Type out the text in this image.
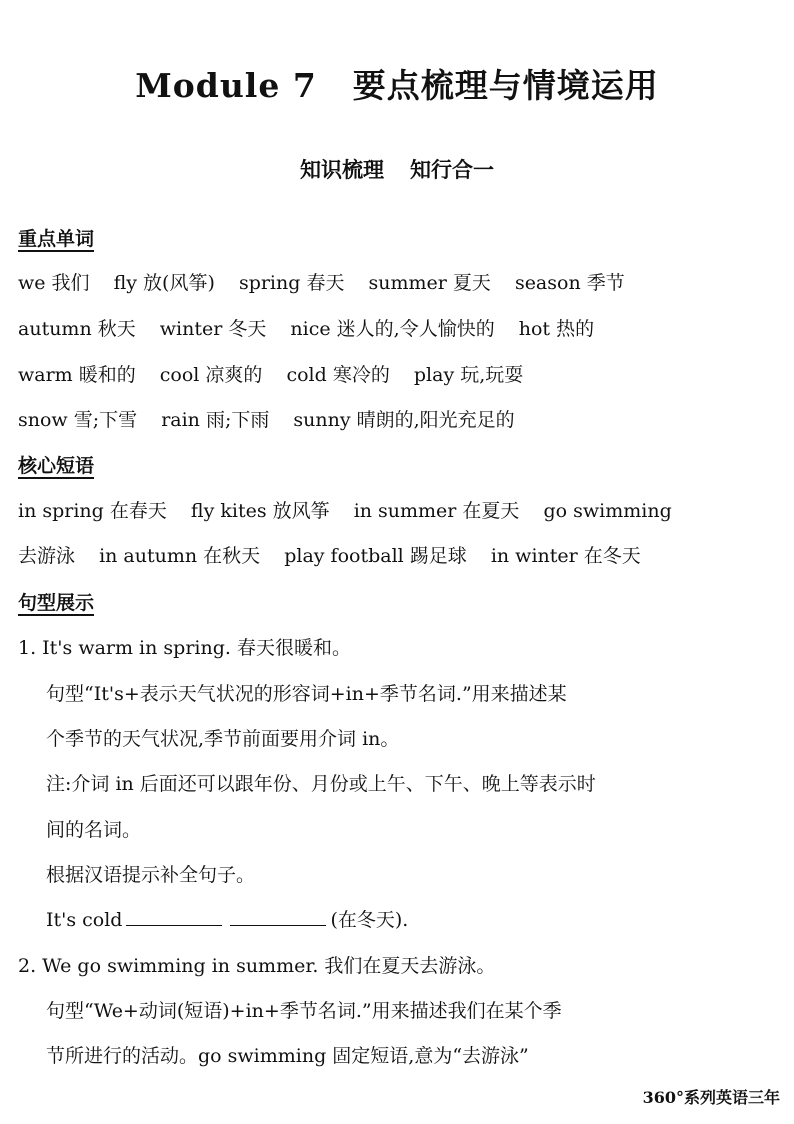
Module 7 要点梳理与情境运用
知识梳理 知行合一
重点单词
we 我们 fly 放(风筝) spring 春天 summer 夏天 season 季节
autumn 秋天 winter 冬天 nice 迷人的,令人愉快的 hot 热的
warm 暖和的 cool 凉爽的 cold 寒冷的 play 玩,玩耍
snow 雪;下雪 rain 雨;下雨 sunny 晴朗的,阳光充足的
核心短语
in spring 在春天 fly kites 放风筝 in summer 在夏天 go swimming
去游泳 in autumn 在秋天 play football 踢足球 in winter 在冬天
句型展示
1. It's warm in spring. 春天很暖和。
句型“It's+表示天气状况的形容词+in+季节名词.”用来描述某
个季节的天气状况,季节前面要用介词 in。
注:介词 in 后面还可以跟年份、月份或上午、下午、晚上等表示时
间的名词。
根据汉语提示补全句子。
It's cold	(在冬天).
2. We go swimming in summer. 我们在夏天去游泳。
句型“We+动词(短语)+in+季节名词.”用来描述我们在某个季
节所进行的活动。go swimming 固定短语,意为“去游泳”
360°系列英语三年
